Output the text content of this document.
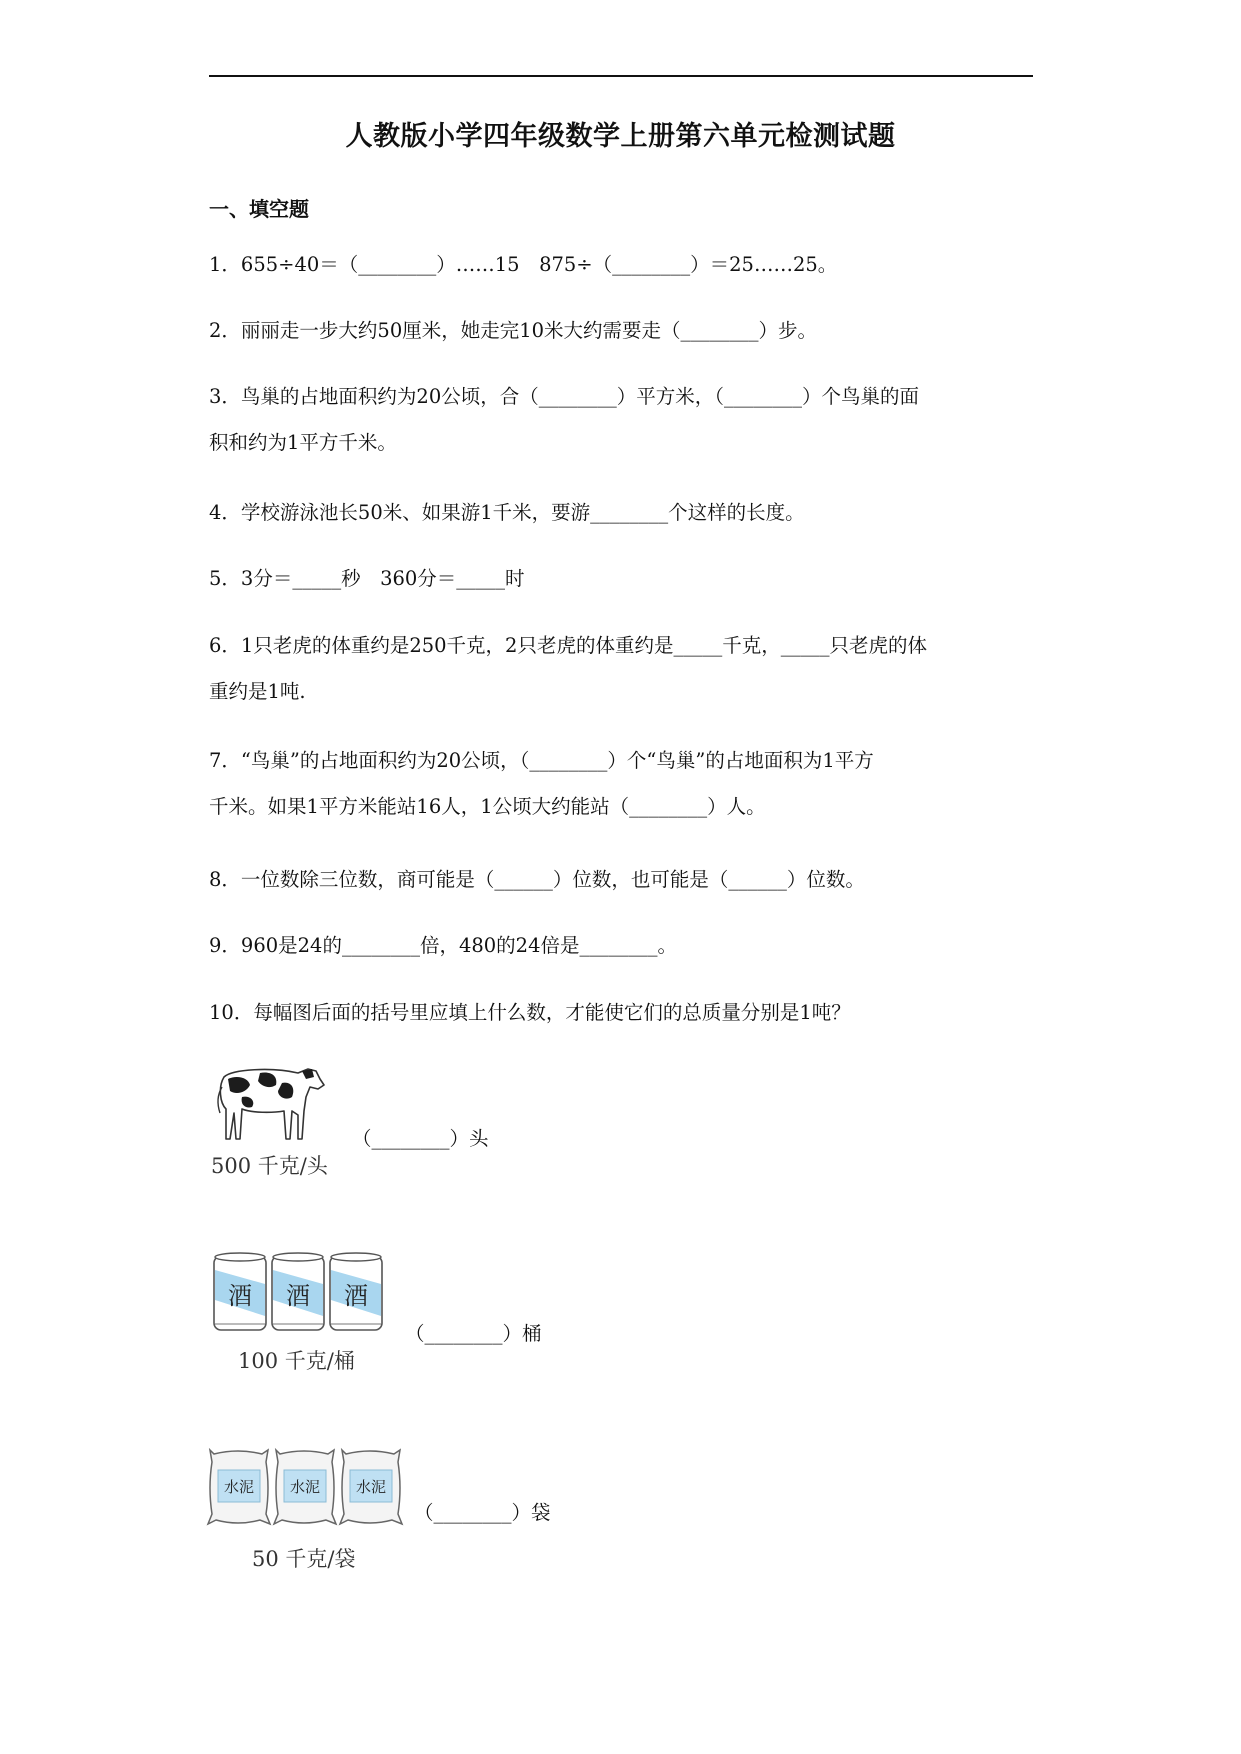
人教版小学四年级数学上册第六单元检测试题
一、填空题
1．655÷40＝（________）……15　875÷（________）＝25……25。
2．丽丽走一步大约50厘米，她走完10米大约需要走（________）步。
3．鸟巢的占地面积约为20公顷，合（________）平方米，（________）个鸟巢的面
积和约为1平方千米。
4．学校游泳池长50米、如果游1千米，要游________个这样的长度。
5．3分＝_____秒　360分＝_____时
6．1只老虎的体重约是250千克，2只老虎的体重约是_____千克，_____只老虎的体
重约是1吨.
7．“鸟巢”的占地面积约为20公顷，（________）个“鸟巢”的占地面积为1平方
千米。如果1平方米能站16人，1公顷大约能站（________）人。
8．一位数除三位数，商可能是（______）位数，也可能是（______）位数。
9．960是24的________倍，480的24倍是________。
10．每幅图后面的括号里应填上什么数，才能使它们的总质量分别是1吨？
500 千克/头
（________）头
酒 酒 酒
100 千克/桶
（________）桶
水泥 水泥 水泥
50 千克/袋
（________）袋
